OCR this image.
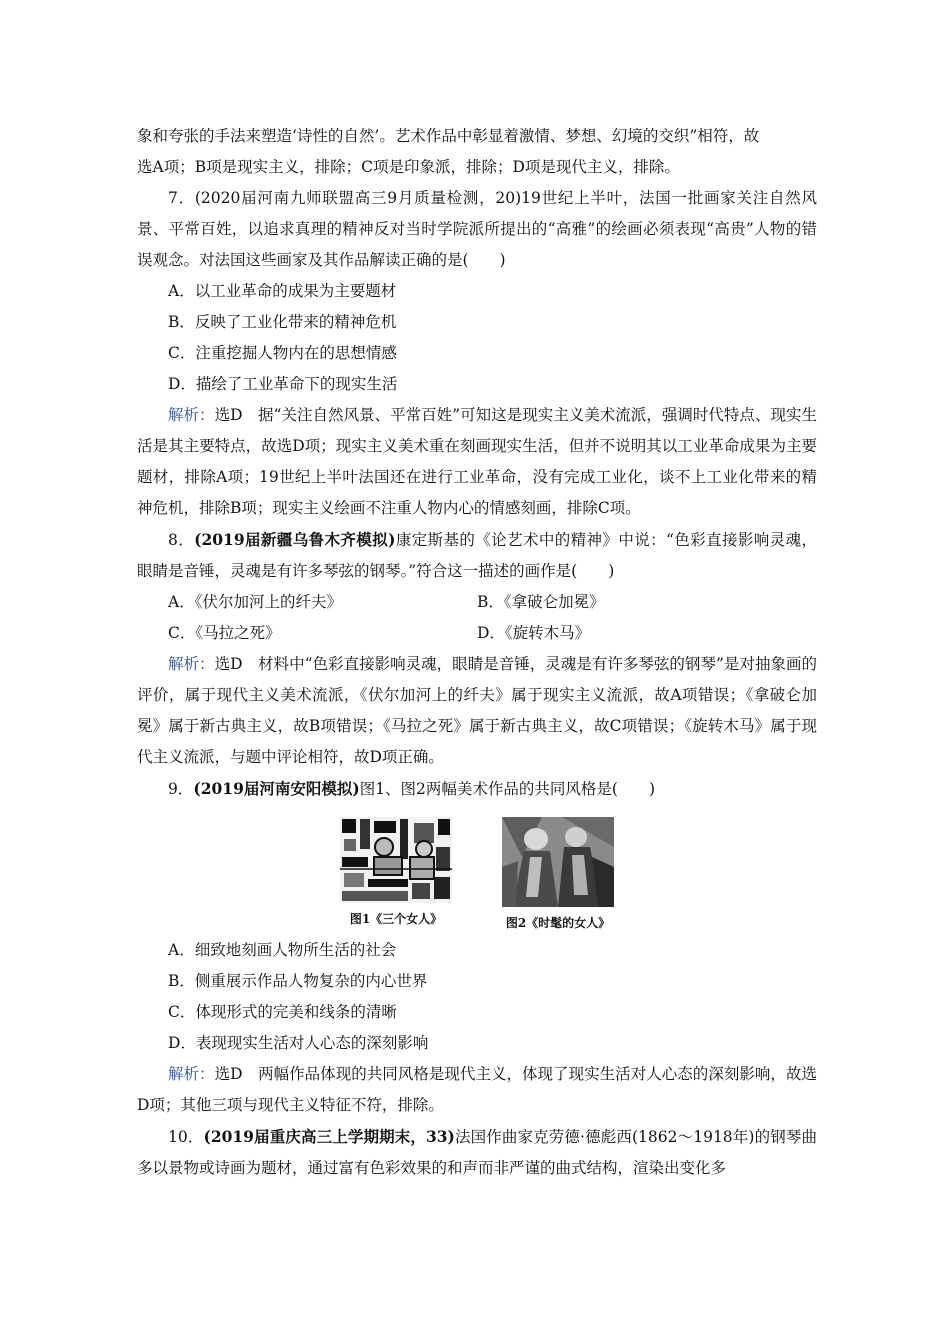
象和夸张的手法来塑造‘诗性的自然’。艺术作品中彰显着激情、梦想、幻境的交织”相符，故

选A项；B项是现实主义，排除；C项是印象派，排除；D项是现代主义，排除。

7．(2020届河南九师联盟高三9月质量检测，20)19世纪上半叶，法国一批画家关注自然风景、平常百姓，以追求真理的精神反对当时学院派所提出的“高雅”的绘画必须表现“高贵”人物的错误观念。对法国这些画家及其作品解读正确的是(　　)

A．以工业革命的成果为主要题材

B．反映了工业化带来的精神危机

C．注重挖掘人物内在的思想情感

D．描绘了工业革命下的现实生活

解析：选D　据“关注自然风景、平常百姓”可知这是现实主义美术流派，强调时代特点、现实生活是其主要特点，故选D项；现实主义美术重在刻画现实生活，但并不说明其以工业革命成果为主要题材，排除A项；19世纪上半叶法国还在进行工业革命，没有完成工业化，谈不上工业化带来的精神危机，排除B项；现实主义绘画不注重人物内心的情感刻画，排除C项。

8．(2019届新疆乌鲁木齐模拟)康定斯基的《论艺术中的精神》中说：“色彩直接影响灵魂，眼睛是音锤，灵魂是有许多琴弦的钢琴。”符合这一描述的画作是(　　)

A．《伏尔加河上的纤夫》	B．《拿破仑加冕》
C．《马拉之死》	D．《旋转木马》

解析：选D　材料中“色彩直接影响灵魂，眼睛是音锤，灵魂是有许多琴弦的钢琴”是对抽象画的评价，属于现代主义美术流派，《伏尔加河上的纤夫》属于现实主义流派，故A项错误；《拿破仑加冕》属于新古典主义，故B项错误；《马拉之死》属于新古典主义，故C项错误；《旋转木马》属于现代主义流派，与题中评论相符，故D项正确。

9．(2019届河南安阳模拟)图1、图2两幅美术作品的共同风格是(　　)

图1《三个女人》	图2《时髦的女人》

A．细致地刻画人物所生活的社会

B．侧重展示作品人物复杂的内心世界

C．体现形式的完美和线条的清晰

D．表现现实生活对人心态的深刻影响

解析：选D　两幅作品体现的共同风格是现代主义，体现了现实生活对人心态的深刻影响，故选D项；其他三项与现代主义特征不符，排除。

10．(2019届重庆高三上学期期末，33)法国作曲家克劳德·德彪西(1862～1918年)的钢琴曲多以景物或诗画为题材，通过富有色彩效果的和声而非严谨的曲式结构，渲染出变化多
